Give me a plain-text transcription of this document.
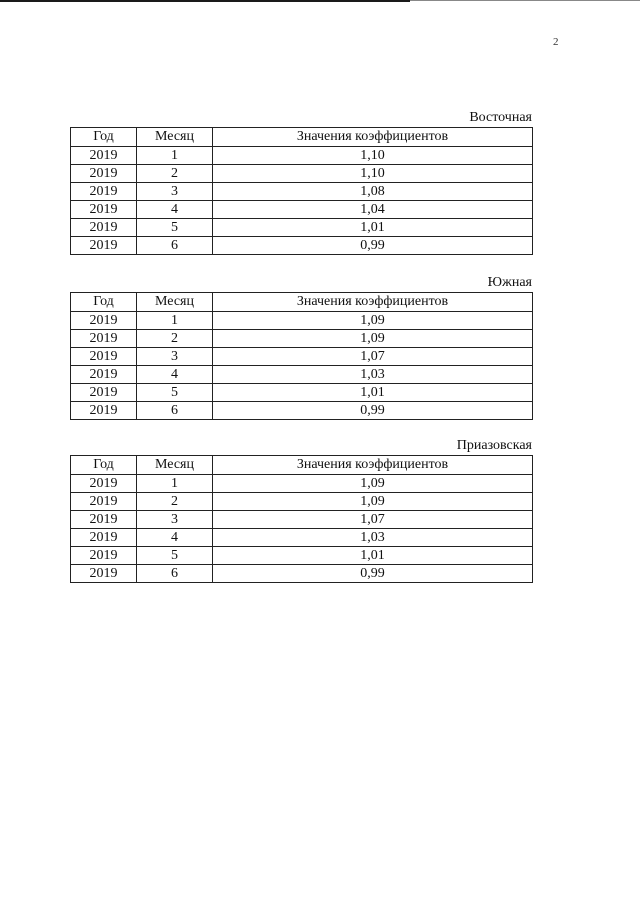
2
Восточная
Год	Месяц	Значения коэффициентов
2019	1	1,10
2019	2	1,10
2019	3	1,08
2019	4	1,04
2019	5	1,01
2019	6	0,99
Южная
Год	Месяц	Значения коэффициентов
2019	1	1,09
2019	2	1,09
2019	3	1,07
2019	4	1,03
2019	5	1,01
2019	6	0,99
Приазовская
Год	Месяц	Значения коэффициентов
2019	1	1,09
2019	2	1,09
2019	3	1,07
2019	4	1,03
2019	5	1,01
2019	6	0,99
